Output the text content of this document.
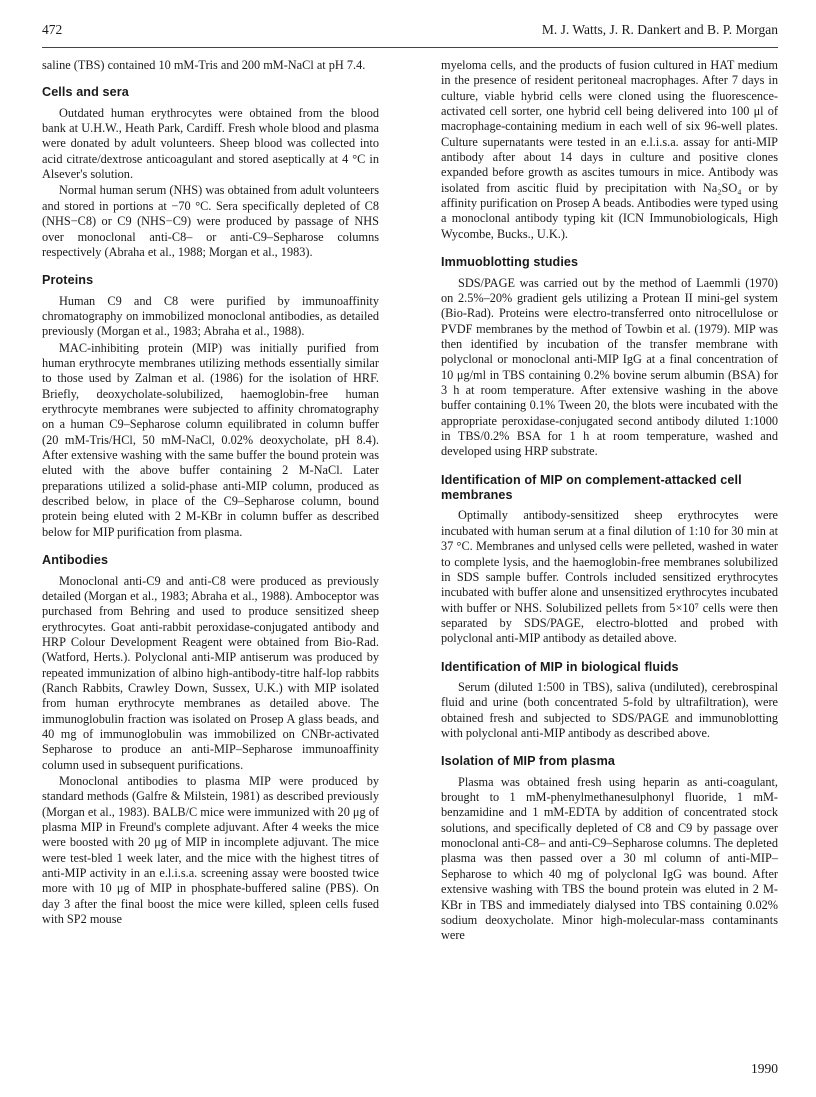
472	M. J. Watts, J. R. Dankert and B. P. Morgan

saline (TBS) contained 10 mM-Tris and 200 mM-NaCl at pH 7.4.

Cells and sera

Outdated human erythrocytes were obtained from the blood bank at U.H.W., Heath Park, Cardiff. Fresh whole blood and plasma were donated by adult volunteers. Sheep blood was collected into acid citrate/dextrose anticoagulant and stored aseptically at 4 °C in Alsever's solution.

Normal human serum (NHS) was obtained from adult volunteers and stored in portions at −70 °C. Sera specifically depleted of C8 (NHS−C8) or C9 (NHS−C9) were produced by passage of NHS over monoclonal anti-C8– or anti-C9–Sepharose columns respectively (Abraha et al., 1988; Morgan et al., 1983).

Proteins

Human C9 and C8 were purified by immunoaffinity chromatography on immobilized monoclonal antibodies, as detailed previously (Morgan et al., 1983; Abraha et al., 1988).

MAC-inhibiting protein (MIP) was initially purified from human erythrocyte membranes utilizing methods essentially similar to those used by Zalman et al. (1986) for the isolation of HRF. Briefly, deoxycholate-solubilized, haemoglobin-free human erythrocyte membranes were subjected to affinity chromatography on a human C9–Sepharose column equilibrated in column buffer (20 mM-Tris/HCl, 50 mM-NaCl, 0.02% deoxycholate, pH 8.4). After extensive washing with the same buffer the bound protein was eluted with the above buffer containing 2 M-NaCl. Later preparations utilized a solid-phase anti-MIP column, produced as described below, in place of the C9–Sepharose column, bound protein being eluted with 2 M-KBr in column buffer as described below for MIP purification from plasma.

Antibodies

Monoclonal anti-C9 and anti-C8 were produced as previously detailed (Morgan et al., 1983; Abraha et al., 1988). Amboceptor was purchased from Behring and used to produce sensitized sheep erythrocytes. Goat anti-rabbit peroxidase-conjugated antibody and HRP Colour Development Reagent were obtained from Bio-Rad. (Watford, Herts.). Polyclonal anti-MIP antiserum was produced by repeated immunization of albino high-antibody-titre half-lop rabbits (Ranch Rabbits, Crawley Down, Sussex, U.K.) with MIP isolated from human erythrocyte membranes as detailed above. The immunoglobulin fraction was isolated on Prosep A glass beads, and 40 mg of immunoglobulin was immobilized on CNBr-activated Sepharose to produce an anti-MIP–Sepharose immunoaffinity column used in subsequent purifications.

Monoclonal antibodies to plasma MIP were produced by standard methods (Galfre & Milstein, 1981) as described previously (Morgan et al., 1983). BALB/C mice were immunized with 20 μg of plasma MIP in Freund's complete adjuvant. After 4 weeks the mice were boosted with 20 μg of MIP in incomplete adjuvant. The mice were test-bled 1 week later, and the mice with the highest titres of anti-MIP activity in an e.l.i.s.a. screening assay were boosted twice more with 10 μg of MIP in phosphate-buffered saline (PBS). On day 3 after the final boost the mice were killed, spleen cells fused with SP2 mouse

myeloma cells, and the products of fusion cultured in HAT medium in the presence of resident peritoneal macrophages. After 7 days in culture, viable hybrid cells were cloned using the fluorescence-activated cell sorter, one hybrid cell being delivered into 100 μl of macrophage-containing medium in each well of six 96-well plates. Culture supernatants were tested in an e.l.i.s.a. assay for anti-MIP antibody after about 14 days in culture and positive clones expanded before growth as ascites tumours in mice. Antibody was isolated from ascitic fluid by precipitation with Na₂SO₄ or by affinity purification on Prosep A beads. Antibodies were typed using a monoclonal antibody typing kit (ICN Immunobiologicals, High Wycombe, Bucks., U.K.).

Immuoblotting studies

SDS/PAGE was carried out by the method of Laemmli (1970) on 2.5%–20% gradient gels utilizing a Protean II mini-gel system (Bio-Rad). Proteins were electro-transferred onto nitrocellulose or PVDF membranes by the method of Towbin et al. (1979). MIP was then identified by incubation of the transfer membrane with polyclonal or monoclonal anti-MIP IgG at a final concentration of 10 μg/ml in TBS containing 0.2% bovine serum albumin (BSA) for 3 h at room temperature. After extensive washing in the above buffer containing 0.1% Tween 20, the blots were incubated with the appropriate peroxidase-conjugated second antibody diluted 1:1000 in TBS/0.2% BSA for 1 h at room temperature, washed and developed using HRP substrate.

Identification of MIP on complement-attacked cell membranes

Optimally antibody-sensitized sheep erythrocytes were incubated with human serum at a final dilution of 1:10 for 30 min at 37 °C. Membranes and unlysed cells were pelleted, washed in water to complete lysis, and the haemoglobin-free membranes solubilized in SDS sample buffer. Controls included sensitized erythrocytes incubated with buffer alone and unsensitized erythrocytes incubated with buffer or NHS. Solubilized pellets from 5×10⁷ cells were then separated by SDS/PAGE, electro-blotted and probed with polyclonal anti-MIP antibody as detailed above.

Identification of MIP in biological fluids

Serum (diluted 1:500 in TBS), saliva (undiluted), cerebrospinal fluid and urine (both concentrated 5-fold by ultrafiltration), were obtained fresh and subjected to SDS/PAGE and immunoblotting with polyclonal anti-MIP antibody as described above.

Isolation of MIP from plasma

Plasma was obtained fresh using heparin as anti-coagulant, brought to 1 mM-phenylmethanesulphonyl fluoride, 1 mM-benzamidine and 1 mM-EDTA by addition of concentrated stock solutions, and specifically depleted of C8 and C9 by passage over monoclonal anti-C8– and anti-C9–Sepharose columns. The depleted plasma was then passed over a 30 ml column of anti-MIP–Sepharose to which 40 mg of polyclonal IgG was bound. After extensive washing with TBS the bound protein was eluted in 2 M-KBr in TBS and immediately dialysed into TBS containing 0.02% sodium deoxycholate. Minor high-molecular-mass contaminants were

1990
